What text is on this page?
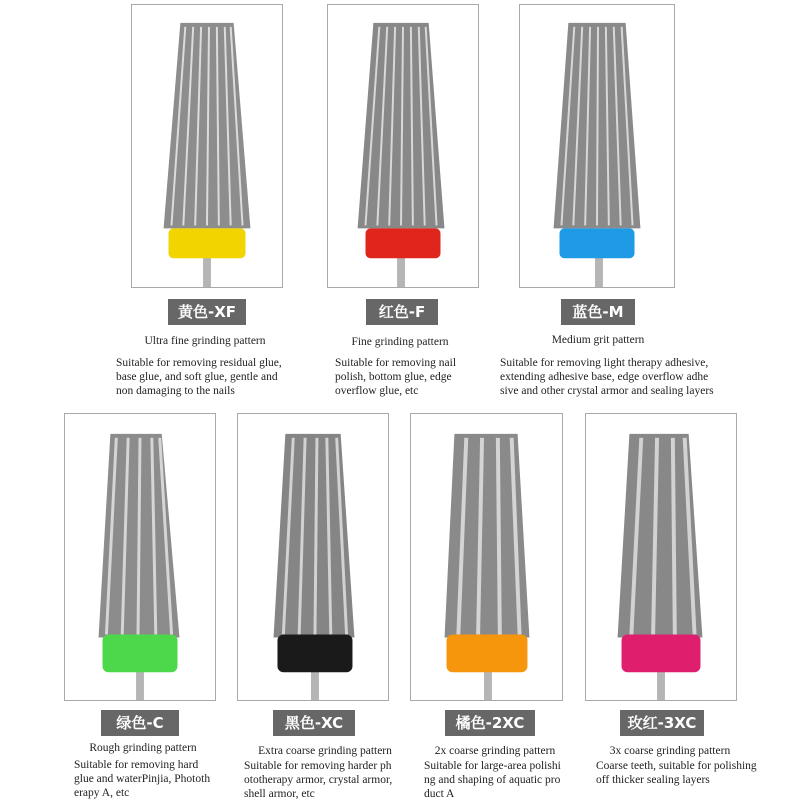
黄色-XF	红色-F	蓝色-M
Ultra fine grinding pattern	Fine grinding pattern	Medium grit pattern
Suitable for removing residual glue,
base glue, and soft glue, gentle and
non damaging to the nails
Suitable for removing nail
polish, bottom glue, edge
overflow glue, etc
Suitable for removing light therapy adhesive,
extending adhesive base, edge overflow adhe
sive and other crystal armor and sealing layers
绿色-C	黑色-XC	橘色-2XC	玫红-3XC
Rough grinding pattern	Extra coarse grinding pattern	2x coarse grinding pattern	3x coarse grinding pattern
Suitable for removing hard
glue and waterPinjia, Phototh
erapy A, etc
Suitable for removing harder ph
ototherapy armor, crystal armor,
shell armor, etc
Suitable for large-area polishi
ng and shaping of aquatic pro
duct A
Coarse teeth, suitable for polishing
off thicker sealing layers
